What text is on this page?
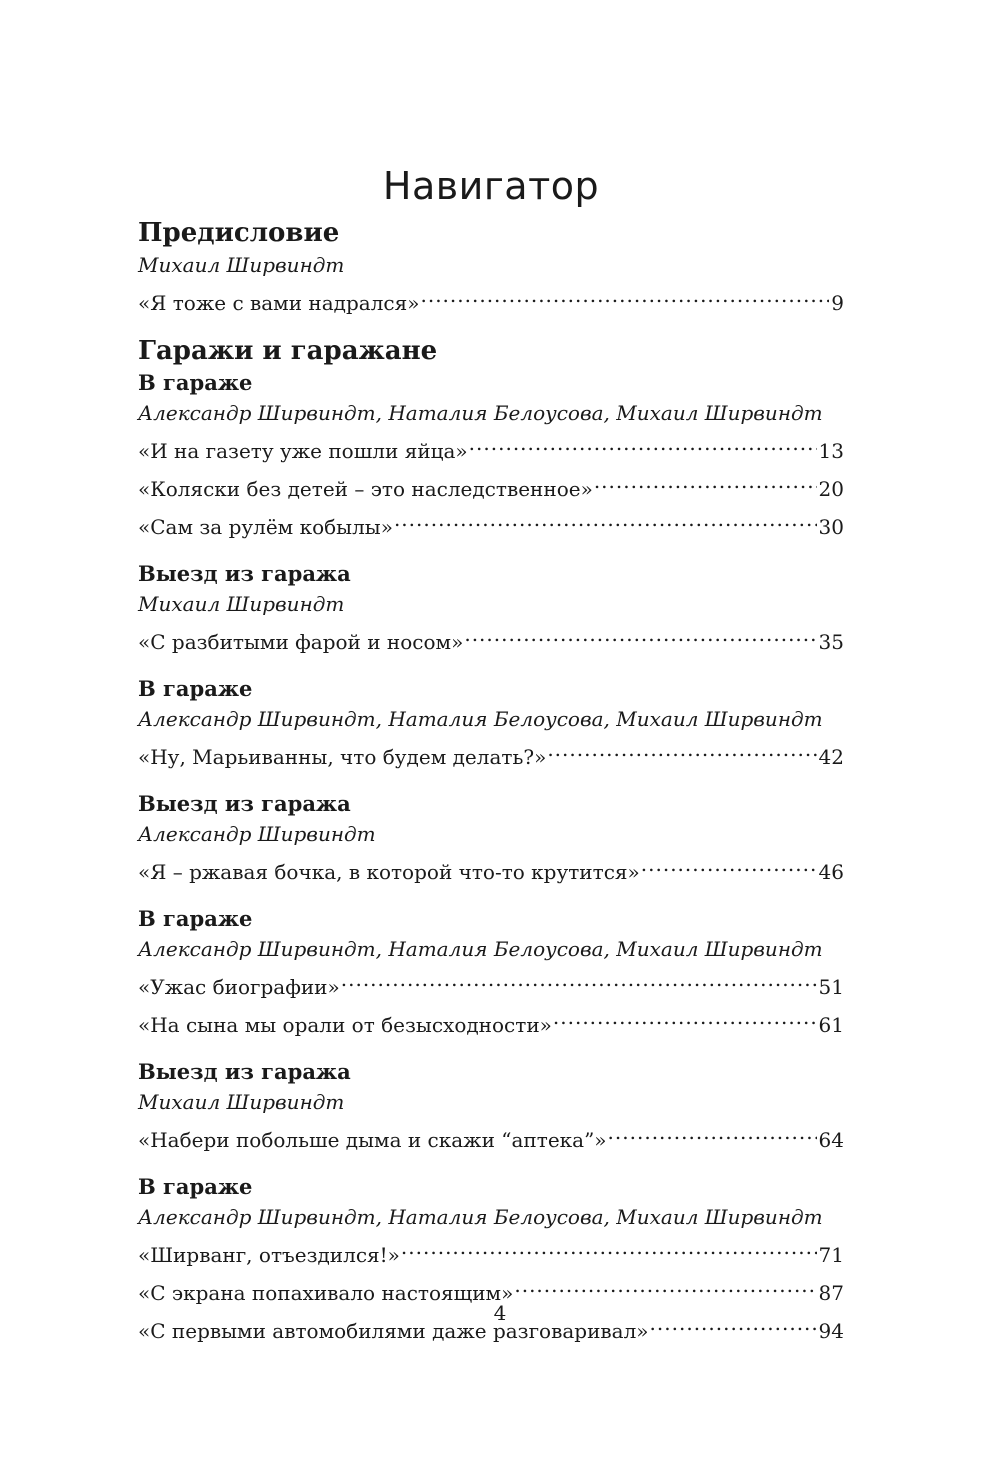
Навигатор
Предисловие
Михаил Ширвиндт
«Я тоже с вами надрался» .....	9
Гаражи и гаражане
В гараже
Александр Ширвиндт, Наталия Белоусова, Михаил Ширвиндт
«И на газету уже пошли яйца» .....	13
«Коляски без детей – это наследственное» .....	20
«Сам за рулём кобылы» .....	30
Выезд из гаража
Михаил Ширвиндт
«С разбитыми фарой и носом» .....	35
В гараже
Александр Ширвиндт, Наталия Белоусова, Михаил Ширвиндт
«Ну, Марьиванны, что будем делать?» .....	42
Выезд из гаража
Александр Ширвиндт
«Я – ржавая бочка, в которой что-то крутится» .....	46
В гараже
Александр Ширвиндт, Наталия Белоусова, Михаил Ширвиндт
«Ужас биографии» .....	51
«На сына мы орали от безысходности» .....	61
Выезд из гаража
Михаил Ширвиндт
«Набери побольше дыма и скажи “аптека”» .....	64
В гараже
Александр Ширвиндт, Наталия Белоусова, Михаил Ширвиндт
«Ширванг, отъездился!» .....	71
«С экрана попахивало настоящим» .....	87
«С первыми автомобилями даже разговаривал» .....	94
4
